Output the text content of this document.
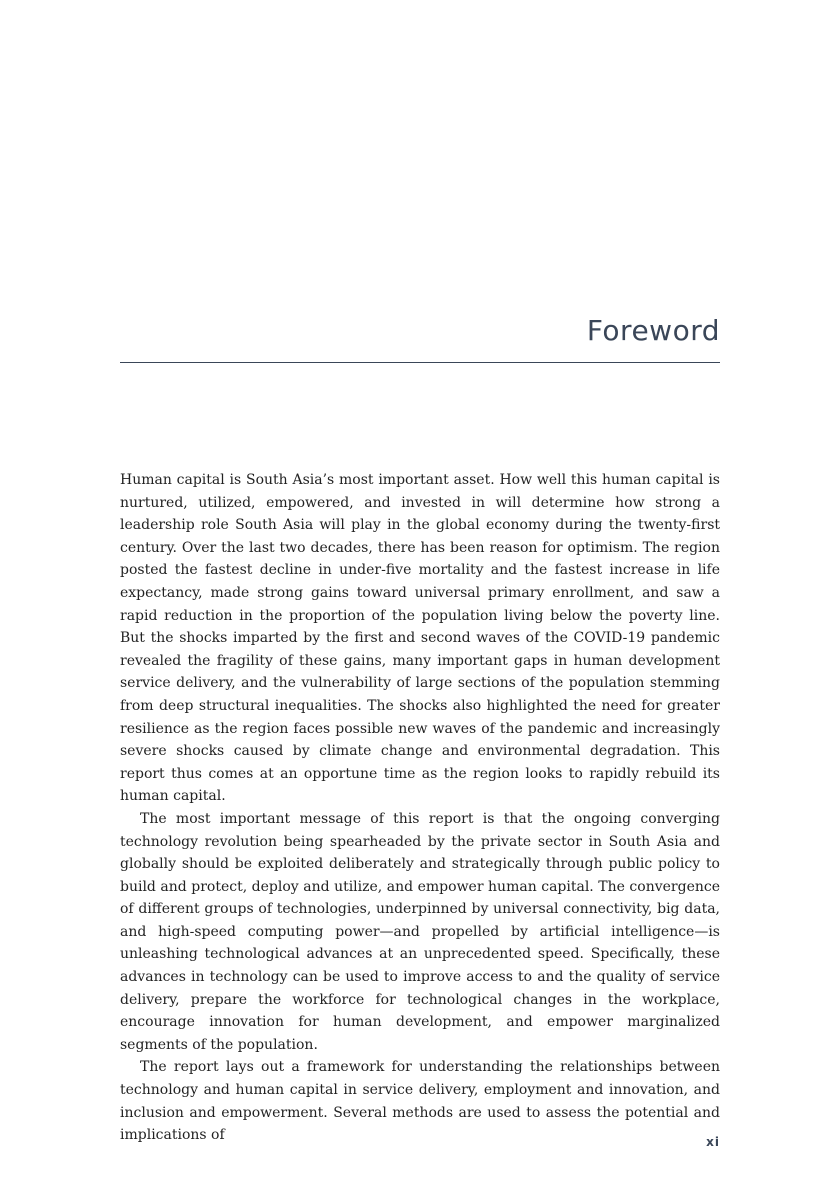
Foreword

Human capital is South Asia’s most important asset. How well this human capital is nurtured, utilized, empowered, and invested in will determine how strong a leadership role South Asia will play in the global economy during the twenty-first century. Over the last two decades, there has been reason for optimism. The region posted the fastest decline in under-five mortality and the fastest increase in life expectancy, made strong gains toward universal primary enrollment, and saw a rapid reduction in the proportion of the population living below the poverty line. But the shocks imparted by the first and second waves of the COVID-19 pandemic revealed the fragility of these gains, many important gaps in human development service delivery, and the vulnerability of large sections of the population stemming from deep structural inequalities. The shocks also highlighted the need for greater resilience as the region faces possible new waves of the pandemic and increasingly severe shocks caused by climate change and environmental degradation. This report thus comes at an opportune time as the region looks to rapidly rebuild its human capital.

The most important message of this report is that the ongoing converging technology revolution being spearheaded by the private sector in South Asia and globally should be exploited deliberately and strategically through public policy to build and protect, deploy and utilize, and empower human capital. The convergence of different groups of technologies, underpinned by universal connectivity, big data, and high-speed computing power—and propelled by artificial intelligence—is unleashing technological advances at an unprecedented speed. Specifically, these advances in technology can be used to improve access to and the quality of service delivery, prepare the workforce for technological changes in the workplace, encourage innovation for human development, and empower marginalized segments of the population.

The report lays out a framework for understanding the relationships between technology and human capital in service delivery, employment and innovation, and inclusion and empowerment. Several methods are used to assess the potential and implications of	xi
